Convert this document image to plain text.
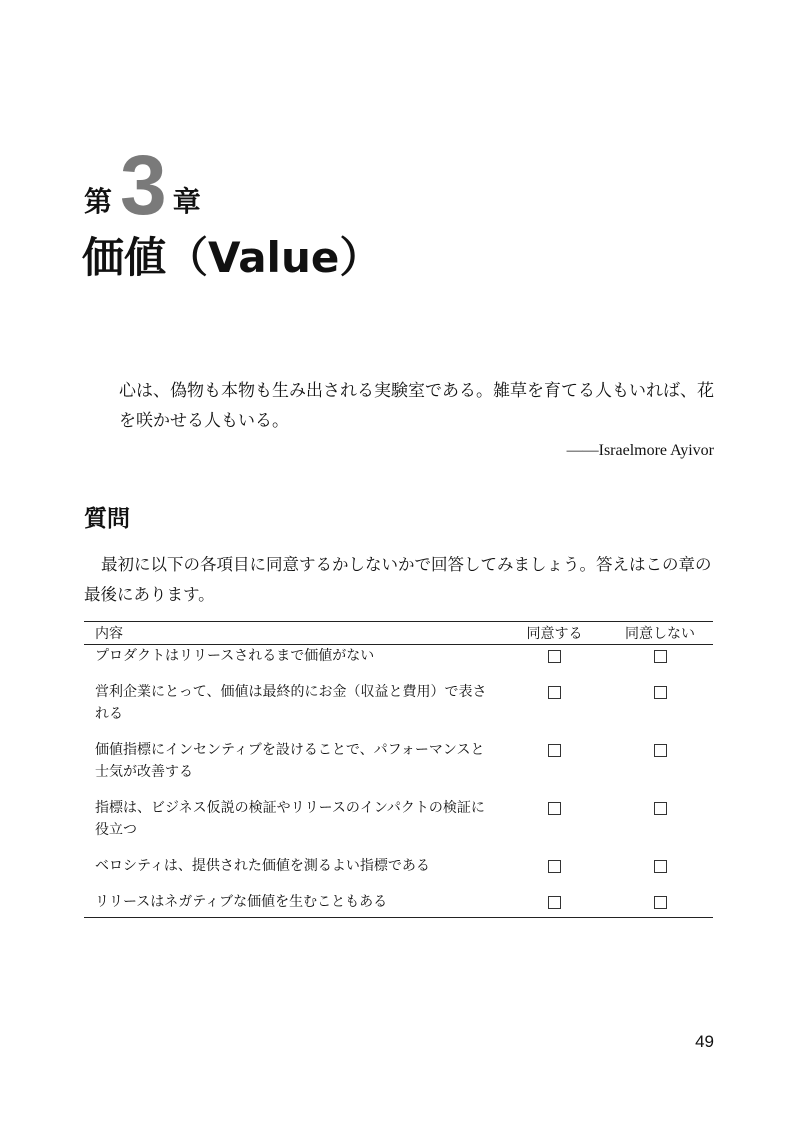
第 3 章
価値（Value）
心は、偽物も本物も生み出される実験室である。雑草を育てる人もいれば、花を咲かせる人もいる。
――Israelmore Ayivor
質問
最初に以下の各項目に同意するかしないかで回答してみましょう。答えはこの章の最後にあります。
内容	同意する	同意しない
プロダクトはリリースされるまで価値がない
営利企業にとって、価値は最終的にお金（収益と費用）で表される
価値指標にインセンティブを設けることで、パフォーマンスと士気が改善する
指標は、ビジネス仮説の検証やリリースのインパクトの検証に役立つ
ベロシティは、提供された価値を測るよい指標である
リリースはネガティブな価値を生むこともある
49
